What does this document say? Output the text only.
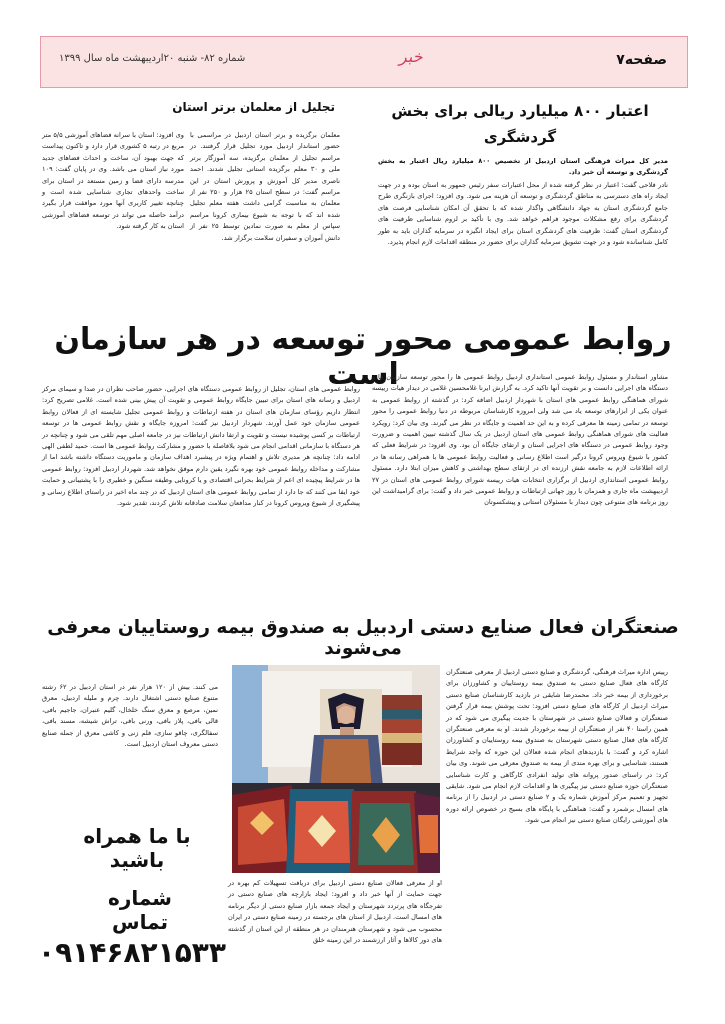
شماره ۸۲- شنبه ۲۰اردیبهشت ماه سال ۱۳۹۹	خبر	صفحه۷
اعتبار ۸۰۰ میلیارد ریالی برای بخش گردشگری
مدیر کل میراث فرهنگی استان اردبیل از تخصیص ۸۰۰ میلیارد ریال اعتبار به بخش گردشگری و توسعه آن خبر داد.
نادر فلاحی گفت: اعتبار در نظر گرفته شده از محل اعتبارات سفر رئیس جمهور به استان بوده و در جهت ایجاد راه های دسترسی به مناطق گردشگری و توسعه آن هزینه می شود. وی افزود: اجرای بازنگری طرح جامع گردشگری استان به جهاد دانشگاهی واگذار شده که با تحقق آن امکان شناسایی فرصت های گردشگری برای رفع مشکلات موجود فراهم خواهد شد. وی با تأکید بر لزوم شناسایی ظرفیت های گردشگری استان گفت: ظرفیت های گردشگری استان برای ایجاد انگیزه در سرمایه گذاران باید به طور کامل شناسانده شود و در جهت تشویق سرمایه گذاران برای حضور در منطقه اقدامات لازم انجام پذیرد.
تجلیل از معلمان برتر استان
معلمان برگزیده و برتر استان اردبیل در مراسمی با حضور استاندار اردبیل مورد تجلیل قرار گرفتند. در مراسم تجلیل از معلمان برگزیده، سه آموزگار برتر ملی و ۳۰ معلم برگزیده استانی تجلیل شدند. احمد ناصری مدیر کل آموزش و پرورش استان در این مراسم گفت: در سطح استان ۲۵ هزار و ۲۵۰ نفر از معلمان به مناسبت گرامی داشت هفته معلم تجلیل شده اند که با توجه به شیوع بیماری کرونا مراسم سپاس از معلم به صورت نمادین توسط ۲۵ نفر از دانش آموزان و سفیران سلامت برگزار شد.
وی افزود: استان با سرانه فضاهای آموزشی ۵/۵ متر مربع در رتبه ۵ کشوری قرار دارد و تاکنون پیداست که جهت بهبود آن، ساخت و احداث فضاهای جدید مورد نیاز استان می باشد. وی در پایان گفت: ۱۰۹ مدرسه دارای فضا و زمین مستعد در استان برای ساخت واحدهای تجاری شناسایی شده است و چنانچه تغییر کاربری آنها مورد موافقت قرار بگیرد درآمد حاصله می تواند در توسعه فضاهای آموزشی استان به کار گرفته شود.
روابط عمومی محور توسعه در هر سازمان است
مشاور استاندار و مسئول روابط عمومی استانداری اردبیل روابط عمومی ها را محور توسعه سازمان ها و دستگاه های اجرایی دانست و بر تقویت آنها تاکید کرد. به گزارش ایرنا غلامحسین غلامی در دیدار هیات رییسه شورای هماهنگی روابط عمومی های استان با شهردار اردبیل اضافه کرد: در گذشته از روابط عمومی به عنوان یکی از ابزارهای توسعه یاد می شد ولی امروزه کارشناسان مربوطه در دنیا روابط عمومی را محور توسعه در تمامی زمینه ها معرفی کرده و به این حد اهمیت و جایگاه در نظر می گیرند. وی بیان کرد: رویکرد فعالیت های شورای هماهنگی روابط عمومی های استان اردبیل در یک سال گذشته تبیین اهمیت و ضرورت وجود روابط عمومی در دستگاه های اجرایی استان و ارتقای جایگاه آن بود. وی افزود: در شرایط فعلی که کشور با شیوع ویروس کرونا درگیر است اطلاع رسانی و فعالیت روابط عمومی ها با همراهی رسانه ها در ارائه اطلاعات لازم به جامعه نقش ارزنده ای در ارتقای سطح بهداشتی و کاهش میزان ابتلا دارد. مسئول روابط عمومی استانداری اردبیل از برگزاری انتخابات هیات رییسه شورای روابط عمومی های استان در ۲۷ اردیبهشت ماه جاری و همزمان با روز جهانی ارتباطات و روابط عمومی خبر داد و گفت: برای گرامیداشت این روز برنامه های متنوعی چون دیدار با مسئولان استانی و پیشکسوتان
روابط عمومی های استان، تجلیل از روابط عمومی دستگاه های اجرایی، حضور صاحب نظران در صدا و سیمای مرکز اردبیل و رسانه های استان برای تبیین جایگاه روابط عمومی و تقویت آن پیش بینی شده است. غلامی تصریح کرد: انتظار داریم رؤسای سازمان های استان در هفته ارتباطات و روابط عمومی تجلیل شایسته ای از فعالان روابط عمومی سازمان خود عمل آورند. شهردار اردبیل نیز گفت: امروزه جایگاه و نقش روابط عمومی ها در توسعه ارتباطات بر کسی پوشیده نیست و تقویت و ارتقا دانش ارتباطات نیز در جامعه اصلی مهم تلقی می شود و چنانچه در هر دستگاه با سازمانی اقدامی انجام می شود بلافاصله با حضور و مشارکت روابط عمومی ها است. حمید لطفی الهی ادامه داد: چنانچه هر مدیری تلاش و اهتمام ویژه در پیشبرد اهداف سازمان و ماموریت دستگاه داشته باشد اما از مشارکت و مداخله روابط عمومی خود بهره نگیرد یقین دارم موفق نخواهد شد. شهردار اردبیل افزود: روابط عمومی ها در شرایط پیچیده ای اعم از شرایط بحرانی اقتصادی و یا کرونایی وظیفه سنگین و خطیری را با پشتیبانی و حمایت خود ایفا می کنند که جا دارد از تمامی روابط عمومی های استان اردبیل که در چند ماه اخیر در راستای اطلاع رسانی و پیشگیری از شیوع ویروس کرونا در کنار مدافعان سلامت صادقانه تلاش کردند، تقدیر شود.
صنعتگران فعال صنایع دستی اردبیل به صندوق بیمه روستاییان معرفی می‌شوند
رییس اداره میراث فرهنگی، گردشگری و صنایع دستی اردبیل از معرفی صنعتگران کارگاه های فعال صنایع دستی به صندوق بیمه روستاییان و کشاورزان برای برخورداری از بیمه خبر داد. محمدرضا شایقی در بازدید کارشناسان صنایع دستی میراث اردبیل از کارگاه های صنایع دستی افزود: تحت پوشش بیمه قرار گرفتن صنعتگران و فعالان صنایع دستی در شهرستان با جدیت پیگیری می شود که در همین راستا ۴۰ نفر از صنعتگران از بیمه برخوردار شدند. او به معرفی صنعتگران کارگاه های فعال صنایع دستی شهرستان به صندوق بیمه روستاییان و کشاورزان اشاره کرد و گفت: با بازدیدهای انجام شده فعالان این حوزه که واجد شرایط هستند، شناسایی و برای بهره مندی از بیمه به صندوق معرفی می شوند. وی بیان کرد: در راستای صدور پروانه های تولید انفرادی کارگاهی و کارت شناسایی صنعتگران حوزه صنایع دستی نیز پیگیری ها و اقدامات لازم انجام می شود. شایقی تجهیز و تعمیم مرکز آموزش شماره یک و ۲ صنایع دستی در اردبیل را از برنامه های امسال برشمرد و گفت: هماهنگی با پایگاه های بسیج در خصوص ارائه دوره های آموزشی رایگان صنایع دستی نیز انجام می شود.
او از معرفی فعالان صنایع دستی اردبیل برای دریافت تسهیلات کم بهره در جهت حمایت از آنها خبر داد و افزود: ایجاد بازارچه های صنایع دستی در تفرجگاه های پرتردد شهرستان و ایجاد جمعه بازار صنایع دستی از دیگر برنامه های امسال است. اردبیل از استان های برجسته در زمینه صنایع دستی در ایران محسوب می شود و شهرستان هنرمندان در هر منطقه از این استان از گذشته های دور کالاها و آثار ارزشمند در این زمینه خلق
می کنند. بیش از ۱۲۰ هزار نفر در استان اردبیل در ۶۲ رشته متنوع صنایع دستی اشتغال دارند. چرم و ملیله اردبیل، معرق نمین، مرصع و معرق سنگ خلخال، گلیم عنبران، جاجیم بافی، قالی بافی، پلاز بافی، ورنی بافی، تراش شیشه، مسند بافی، سفالگری، چاقو سازی، فلم زنی و کاشی معرق از جمله صنایع دستی معروف استان اردبیل است.
با ما همراه باشید
شماره تماس
۰۹۱۴۶۸۲۱۵۳۳
